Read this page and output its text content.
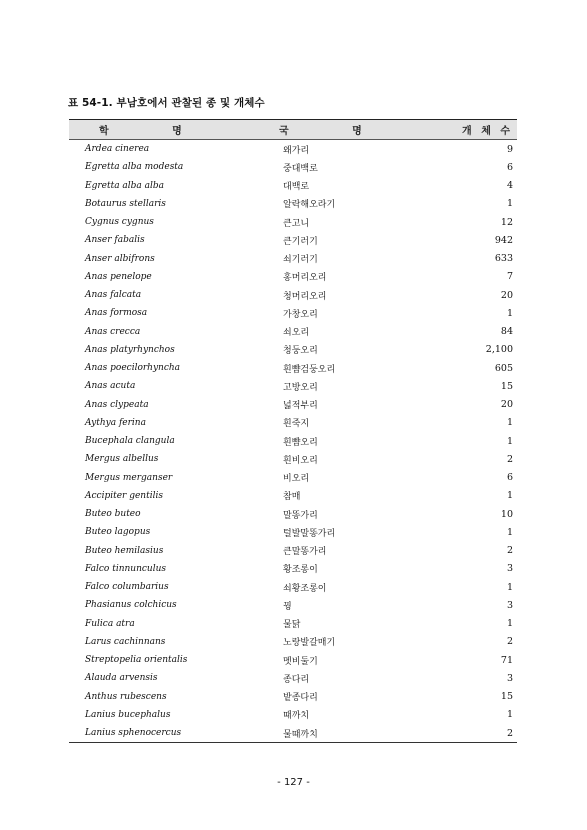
표 54-1. 부남호에서 관찰된 종 및 개체수
학 명	국 명	개 체 수
Ardea cinerea	왜가리	9
Egretta alba modesta	중대백로	6
Egretta alba alba	대백로	4
Botaurus stellaris	알락해오라기	1
Cygnus cygnus	큰고니	12
Anser fabalis	큰기러기	942
Anser albifrons	쇠기러기	633
Anas penelope	홍머리오리	7
Anas falcata	청머리오리	20
Anas formosa	가창오리	1
Anas crecca	쇠오리	84
Anas platyrhynchos	청둥오리	2,100
Anas poecilorhyncha	흰뺨검둥오리	605
Anas acuta	고방오리	15
Anas clypeata	넓적부리	20
Aythya ferina	흰죽지	1
Bucephala clangula	흰뺨오리	1
Mergus albellus	흰비오리	2
Mergus merganser	비오리	6
Accipiter gentilis	참매	1
Buteo buteo	말똥가리	10
Buteo lagopus	털발말똥가리	1
Buteo hemilasius	큰말똥가리	2
Falco tinnunculus	황조롱이	3
Falco columbarius	쇠황조롱이	1
Phasianus colchicus	꿩	3
Fulica atra	물닭	1
Larus cachinnans	노랑발갈매기	2
Streptopelia orientalis	멧비둘기	71
Alauda arvensis	종다리	3
Anthus rubescens	밭종다리	15
Lanius bucephalus	때까치	1
Lanius sphenocercus	물때까치	2
- 127 -
